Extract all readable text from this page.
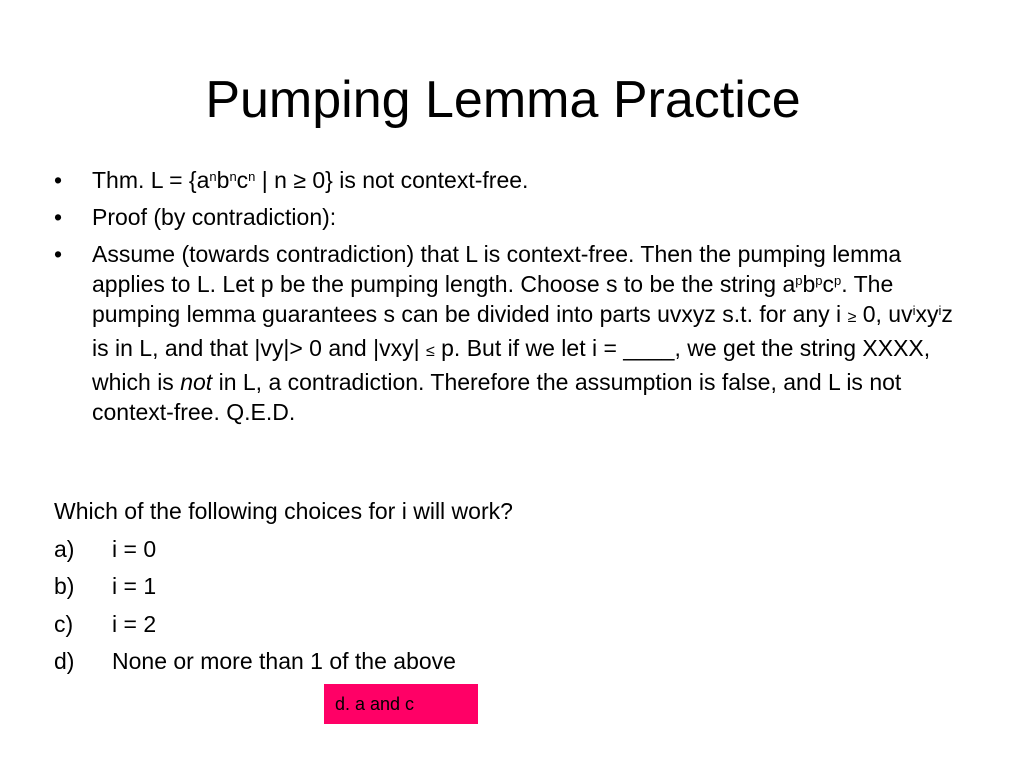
Pumping Lemma Practice
• Thm. $L = \{a^nb^nc^n$ | n ≥ 0} is not context-free.
• Proof (by contradiction):
• Assume (towards contradiction) that L is context-free. Then the pumping lemma applies to L. Let p be the pumping length. Choose s to be the string $a^pb^pc^p$. The pumping lemma guarantees s can be divided into parts uvxyz s.t. for any i ≥ 0, $uv^ixy^iz$ is in L, and that |vy|> 0 and |vxy| ≤ p. But if we let i = ____, we get the string XXXX, which is not in L, a contradiction. Therefore the assumption is false, and L is not context-free. Q.E.D.

Which of the following choices for i will work?

a) i = 0
b) i = 1
c) i = 2
d) None or more than 1 of the above
d. a and c
